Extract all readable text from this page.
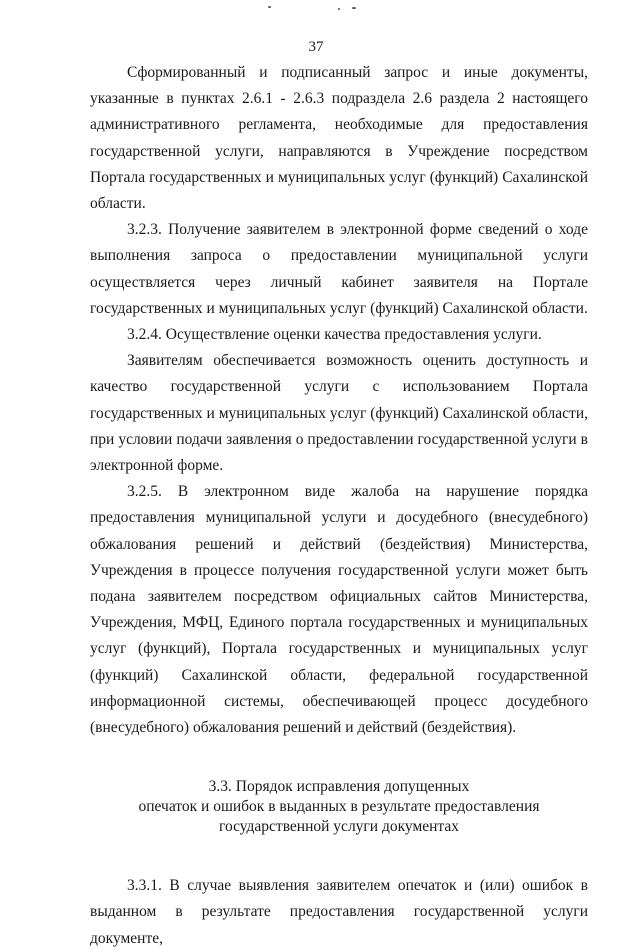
37

Сформированный и подписанный запрос и иные документы, указанные в пунктах 2.6.1 - 2.6.3 подраздела 2.6 раздела 2 настоящего административного регламента, необходимые для предоставления государственной услуги, направляются в Учреждение посредством Портала государственных и муниципальных услуг (функций) Сахалинской области.

3.2.3. Получение заявителем в электронной форме сведений о ходе выполнения запроса о предоставлении муниципальной услуги осуществляется через личный кабинет заявителя на Портале государственных и муниципальных услуг (функций) Сахалинской области.

3.2.4. Осуществление оценки качества предоставления услуги.

Заявителям обеспечивается возможность оценить доступность и качество государственной услуги с использованием Портала государственных и муниципальных услуг (функций) Сахалинской области, при условии подачи заявления о предоставлении государственной услуги в электронной форме.

3.2.5. В электронном виде жалоба на нарушение порядка предоставления муниципальной услуги и досудебного (внесудебного) обжалования решений и действий (бездействия) Министерства, Учреждения в процессе получения государственной услуги может быть подана заявителем посредством официальных сайтов Министерства, Учреждения, МФЦ, Единого портала государственных и муниципальных услуг (функций), Портала государственных и муниципальных услуг (функций) Сахалинской области, федеральной государственной информационной системы, обеспечивающей процесс досудебного (внесудебного) обжалования решений и действий (бездействия).

3.3. Порядок исправления допущенных
опечаток и ошибок в выданных в результате предоставления
государственной услуги документах

3.3.1. В случае выявления заявителем опечаток и (или) ошибок в выданном в результате предоставления государственной услуги документе,
